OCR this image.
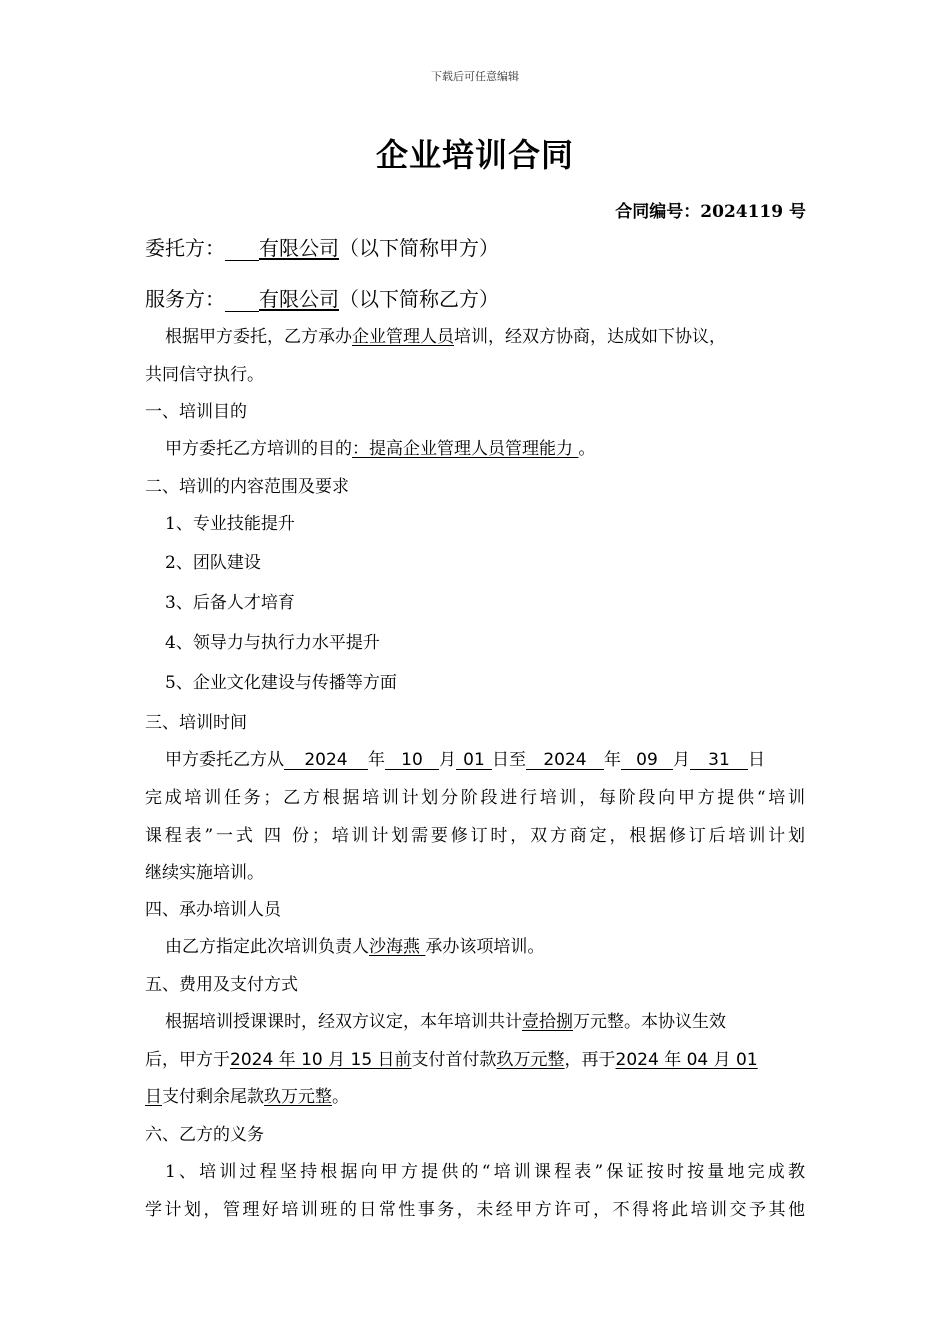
下载后可任意编辑
企业培训合同
合同编号：2024119 号
委托方： 有限公司（以下简称甲方）
服务方： 有限公司（以下简称乙方）
根据甲方委托，乙方承办企业管理人员培训，经双方协商，达成如下协议，
共同信守执行。
一、培训目的
甲方委托乙方培训的目的：提高企业管理人员管理能力 。
二、培训的内容范围及要求
1、专业技能提升
2、团队建设
3、后备人才培育
4、领导力与执行力水平提升
5、企业文化建设与传播等方面
三、培训时间
甲方委托乙方从 2024 年 10 月 01 日至 2024 年 09 月 31 日
完成培训任务；乙方根据培训计划分阶段进行培训，每阶段向甲方提供“培训
课程表”一式 四 份；培训计划需要修订时，双方商定，根据修订后培训计划
继续实施培训。
四、承办培训人员
由乙方指定此次培训负责人沙海燕 承办该项培训。
五、费用及支付方式
根据培训授课课时，经双方议定，本年培训共计壹拾捌万元整。本协议生效
后，甲方于2024 年 10 月 15 日前支付首付款玖万元整，再于2024 年 04 月 01
日支付剩余尾款玖万元整。
六、乙方的义务
1、培训过程坚持根据向甲方提供的“培训课程表”保证按时按量地完成教
学计划，管理好培训班的日常性事务，未经甲方许可，不得将此培训交予其他
